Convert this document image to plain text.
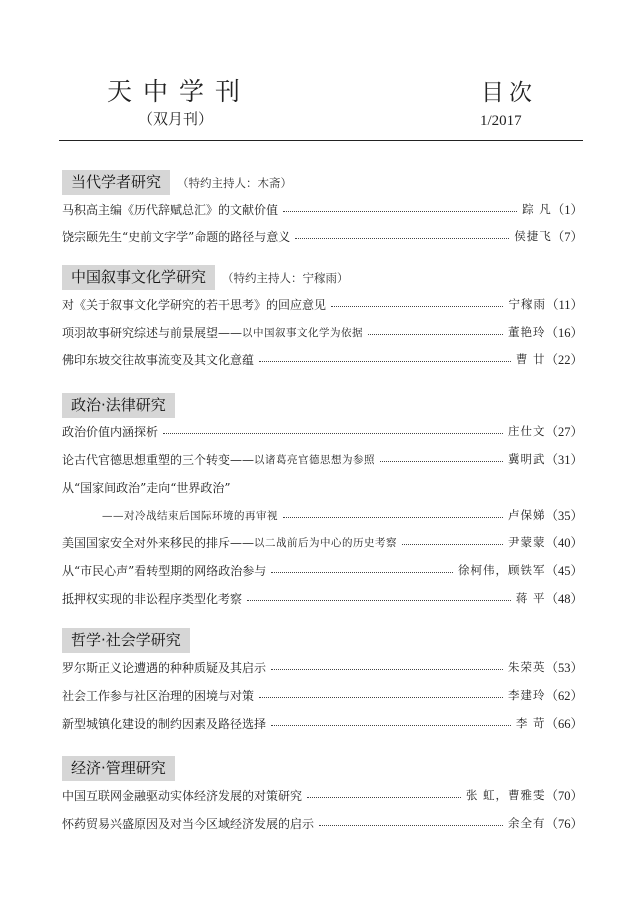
天中学刊
（双月刊）
目次
1/2017
当代学者研究	（特约主持人：木斋）
马积高主编《历代辞赋总汇》的文献价值	踪 凡 （1）
饶宗颐先生“史前文字学”命题的路径与意义	侯捷飞 （7）
中国叙事文化学研究	（特约主持人：宁稼雨）
对《关于叙事文化学研究的若干思考》的回应意见	宁稼雨 （11）
项羽故事研究综述与前景展望—— 以中国叙事文化学为依据	董艳玲 （16）
佛印东坡交往故事流变及其文化意蕴	曹 廿 （22）
政治·法律研究
政治价值内涵探析	庄仕文 （27）
论古代官德思想重塑的三个转变—— 以诸葛亮官德思想为参照	冀明武 （31）
从“国家间政治”走向“世界政治”
——对冷战结束后国际环境的再审视	卢保娣 （35）
美国国家安全对外来移民的排斥—— 以二战前后为中心的历史考察	尹蒙蒙 （40）
从“市民心声”看转型期的网络政治参与	徐柯伟，顾铁军 （45）
抵押权实现的非讼程序类型化考察	蒋 平 （48）
哲学·社会学研究
罗尔斯正义论遭遇的种种质疑及其启示	朱荣英 （53）
社会工作参与社区治理的困境与对策	李建玲 （62）
新型城镇化建设的制约因素及路径选择	李 苛 （66）
经济·管理研究
中国互联网金融驱动实体经济发展的对策研究	张 虹，曹雅雯 （70）
怀药贸易兴盛原因及对当今区域经济发展的启示	余全有 （76）
